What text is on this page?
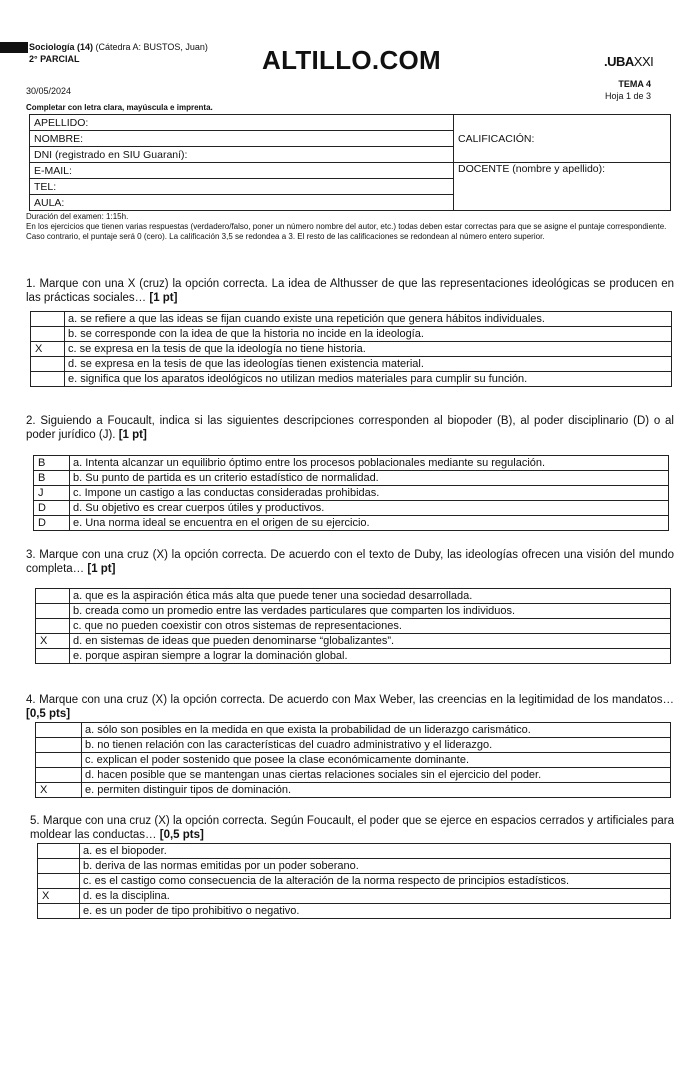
Sociología (14) (Cátedra A: BUSTOS, Juan)
2° PARCIAL	ALTILLO.COM	.UBAXXI
30/05/2024
TEMA 4
Hoja 1 de 3
Completar con letra clara, mayúscula e imprenta.
APELLIDO:	CALIFICACIÓN:
NOMBRE:	
DNI (registrado en SIU Guaraní):	
E-MAIL:	DOCENTE (nombre y apellido):
TEL:	
AULA:	
Duración del examen: 1:15h.
En los ejercicios que tienen varias respuestas (verdadero/falso, poner un número nombre del autor, etc.) todas deben estar correctas para que se asigne el puntaje correspondiente. Caso contrario, el puntaje será 0 (cero). La calificación 3,5 se redondea a 3. El resto de las calificaciones se redondean al número entero superior.
1. Marque con una X (cruz) la opción correcta. La idea de Althusser de que las representaciones ideológicas se producen en las prácticas sociales… [1 pt]
	a. se refiere a que las ideas se fijan cuando existe una repetición que genera hábitos individuales.
	b. se corresponde con la idea de que la historia no incide en la ideología.
X	c. se expresa en la tesis de que la ideología no tiene historia.
	d. se expresa en la tesis de que las ideologías tienen existencia material.
	e. significa que los aparatos ideológicos no utilizan medios materiales para cumplir su función.
2. Siguiendo a Foucault, indica si las siguientes descripciones corresponden al biopoder (B), al poder disciplinario (D) o al poder jurídico (J). [1 pt]
B	a. Intenta alcanzar un equilibrio óptimo entre los procesos poblacionales mediante su regulación.
B	b. Su punto de partida es un criterio estadístico de normalidad.
J	c. Impone un castigo a las conductas consideradas prohibidas.
D	d. Su objetivo es crear cuerpos útiles y productivos.
D	e. Una norma ideal se encuentra en el origen de su ejercicio.
3. Marque con una cruz (X) la opción correcta. De acuerdo con el texto de Duby, las ideologías ofrecen una visión del mundo completa… [1 pt]
	a. que es la aspiración ética más alta que puede tener una sociedad desarrollada.
	b. creada como un promedio entre las verdades particulares que comparten los individuos.
	c. que no pueden coexistir con otros sistemas de representaciones.
X	d. en sistemas de ideas que pueden denominarse “globalizantes”.
	e. porque aspiran siempre a lograr la dominación global.
4. Marque con una cruz (X) la opción correcta. De acuerdo con Max Weber, las creencias en la legitimidad de los mandatos… [0,5 pts]
	a. sólo son posibles en la medida en que exista la probabilidad de un liderazgo carismático.
	b. no tienen relación con las características del cuadro administrativo y el liderazgo.
	c. explican el poder sostenido que posee la clase económicamente dominante.
	d. hacen posible que se mantengan unas ciertas relaciones sociales sin el ejercicio del poder.
X	e. permiten distinguir tipos de dominación.
5. Marque con una cruz (X) la opción correcta. Según Foucault, el poder que se ejerce en espacios cerrados y artificiales para moldear las conductas… [0,5 pts]
	a. es el biopoder.
	b. deriva de las normas emitidas por un poder soberano.
	c. es el castigo como consecuencia de la alteración de la norma respecto de principios estadísticos.
X	d. es la disciplina.
	e. es un poder de tipo prohibitivo o negativo.
